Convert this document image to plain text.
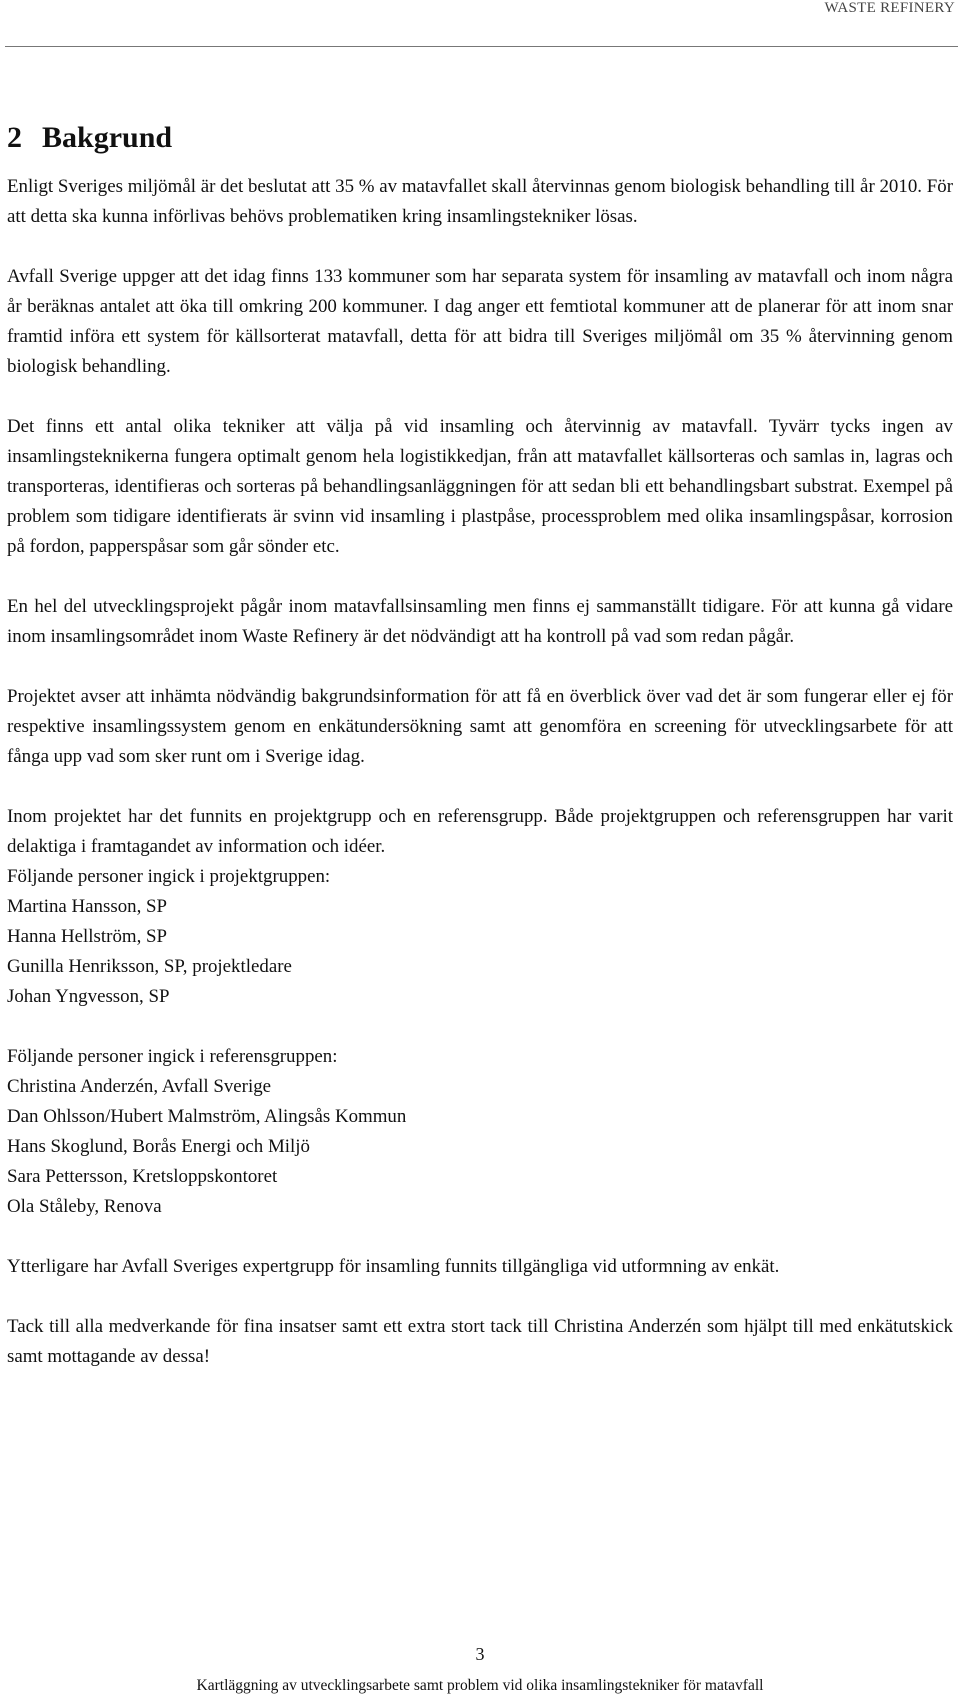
WASTE REFINERY
2 Bakgrund

Enligt Sveriges miljömål är det beslutat att 35 % av matavfallet skall återvinnas genom biologisk behandling till år 2010. För att detta ska kunna införlivas behövs problematiken kring insamlingstekniker lösas.

Avfall Sverige uppger att det idag finns 133 kommuner som har separata system för insamling av matavfall och inom några år beräknas antalet att öka till omkring 200 kommuner. I dag anger ett femtiotal kommuner att de planerar för att inom snar framtid införa ett system för källsorterat matavfall, detta för att bidra till Sveriges miljömål om 35 % återvinning genom biologisk behandling.

Det finns ett antal olika tekniker att välja på vid insamling och återvinnig av matavfall. Tyvärr tycks ingen av insamlingsteknikerna fungera optimalt genom hela logistikkedjan, från att matavfallet källsorteras och samlas in, lagras och transporteras, identifieras och sorteras på behandlingsanläggningen för att sedan bli ett behandlingsbart substrat. Exempel på problem som tidigare identifierats är svinn vid insamling i plastpåse, processproblem med olika insamlingspåsar, korrosion på fordon, papperspåsar som går sönder etc.

En hel del utvecklingsprojekt pågår inom matavfallsinsamling men finns ej sammanställt tidigare. För att kunna gå vidare inom insamlingsområdet inom Waste Refinery är det nödvändigt att ha kontroll på vad som redan pågår.

Projektet avser att inhämta nödvändig bakgrundsinformation för att få en överblick över vad det är som fungerar eller ej för respektive insamlingssystem genom en enkätundersökning samt att genomföra en screening för utvecklingsarbete för att fånga upp vad som sker runt om i Sverige idag.

Inom projektet har det funnits en projektgrupp och en referensgrupp. Både projektgruppen och referensgruppen har varit delaktiga i framtagandet av information och idéer.

Följande personer ingick i projektgruppen:

Martina Hansson, SP
Hanna Hellström, SP
Gunilla Henriksson, SP, projektledare
Johan Yngvesson, SP

Följande personer ingick i referensgruppen:

Christina Anderzén, Avfall Sverige
Dan Ohlsson/Hubert Malmström, Alingsås Kommun
Hans Skoglund, Borås Energi och Miljö
Sara Pettersson, Kretsloppskontoret
Ola Ståleby, Renova

Ytterligare har Avfall Sveriges expertgrupp för insamling funnits tillgängliga vid utformning av enkät.

Tack till alla medverkande för fina insatser samt ett extra stort tack till Christina Anderzén som hjälpt till med enkätutskick samt mottagande av dessa!

3
Kartläggning av utvecklingsarbete samt problem vid olika insamlingstekniker för matavfall
